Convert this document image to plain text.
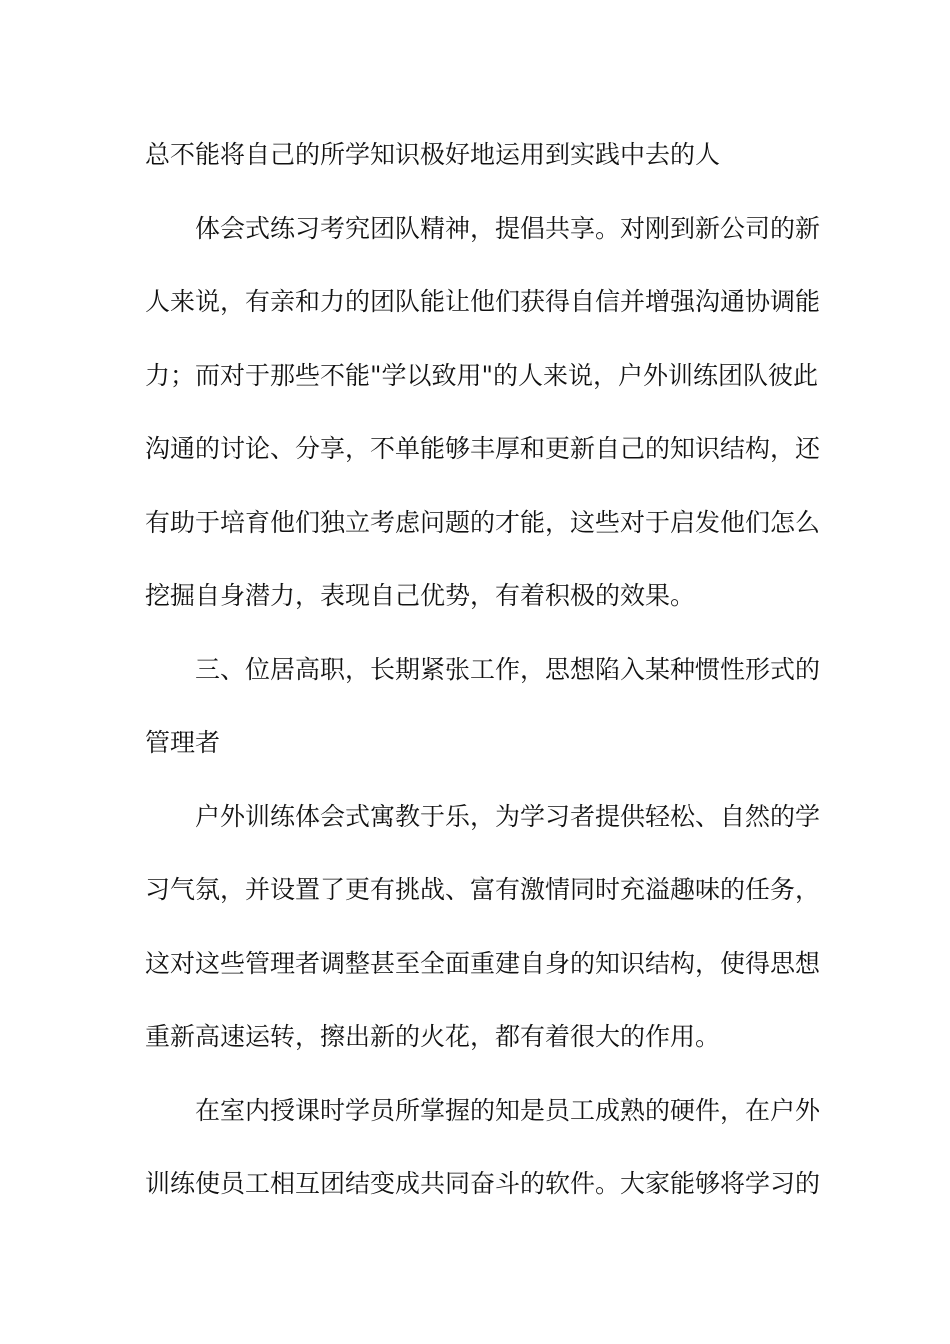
总不能将自己的所学知识极好地运用到实践中去的人
体会式练习考究团队精神，提倡共享。对刚到新公司的新
人来说，有亲和力的团队能让他们获得自信并增强沟通协调能
力；而对于那些不能"学以致用"的人来说，户外训练团队彼此
沟通的讨论、分享，不单能够丰厚和更新自己的知识结构，还
有助于培育他们独立考虑问题的才能，这些对于启发他们怎么
挖掘自身潜力，表现自己优势，有着积极的效果。
三、位居高职，长期紧张工作，思想陷入某种惯性形式的
管理者
户外训练体会式寓教于乐，为学习者提供轻松、自然的学
习气氛，并设置了更有挑战、富有激情同时充溢趣味的任务，
这对这些管理者调整甚至全面重建自身的知识结构，使得思想
重新高速运转，擦出新的火花，都有着很大的作用。
在室内授课时学员所掌握的知是员工成熟的硬件，在户外
训练使员工相互团结变成共同奋斗的软件。大家能够将学习的
